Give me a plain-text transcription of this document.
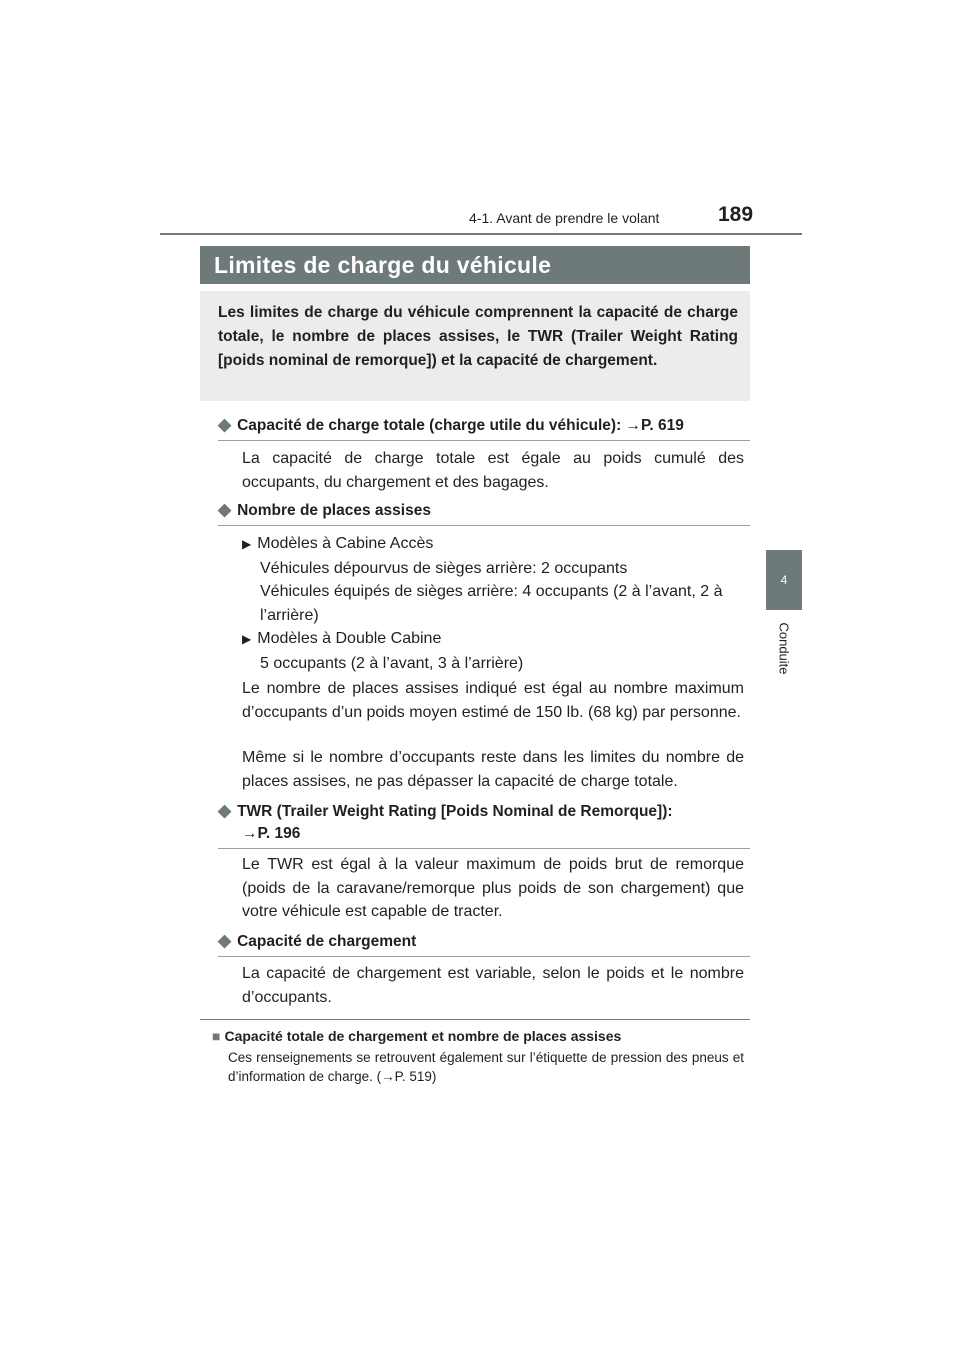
4-1. Avant de prendre le volant	189
4
Conduite
Limites de charge du véhicule
Les limites de charge du véhicule comprennent la capacité de charge totale, le nombre de places assises, le TWR (Trailer Weight Rating [poids nominal de remorque]) et la capacité de chargement.
◆ Capacité de charge totale (charge utile du véhicule): →P. 619
La capacité de charge totale est égale au poids cumulé des occupants, du chargement et des bagages.
◆ Nombre de places assises
▶ Modèles à Cabine Accès
Véhicules dépourvus de sièges arrière: 2 occupants
Véhicules équipés de sièges arrière: 4 occupants (2 à l’avant, 2 à l’arrière)
▶ Modèles à Double Cabine
5 occupants (2 à l’avant, 3 à l’arrière)
Le nombre de places assises indiqué est égal au nombre maximum d’occupants d’un poids moyen estimé de 150 lb. (68 kg) par personne.
Même si le nombre d’occupants reste dans les limites du nombre de places assises, ne pas dépasser la capacité de charge totale.
◆ TWR (Trailer Weight Rating [Poids Nominal de Remorque]):
→P. 196
Le TWR est égal à la valeur maximum de poids brut de remorque (poids de la caravane/remorque plus poids de son chargement) que votre véhicule est capable de tracter.
◆ Capacité de chargement
La capacité de chargement est variable, selon le poids et le nombre d’occupants.
■ Capacité totale de chargement et nombre de places assises
Ces renseignements se retrouvent également sur l’étiquette de pression des pneus et d’information de charge. (→P. 519)
